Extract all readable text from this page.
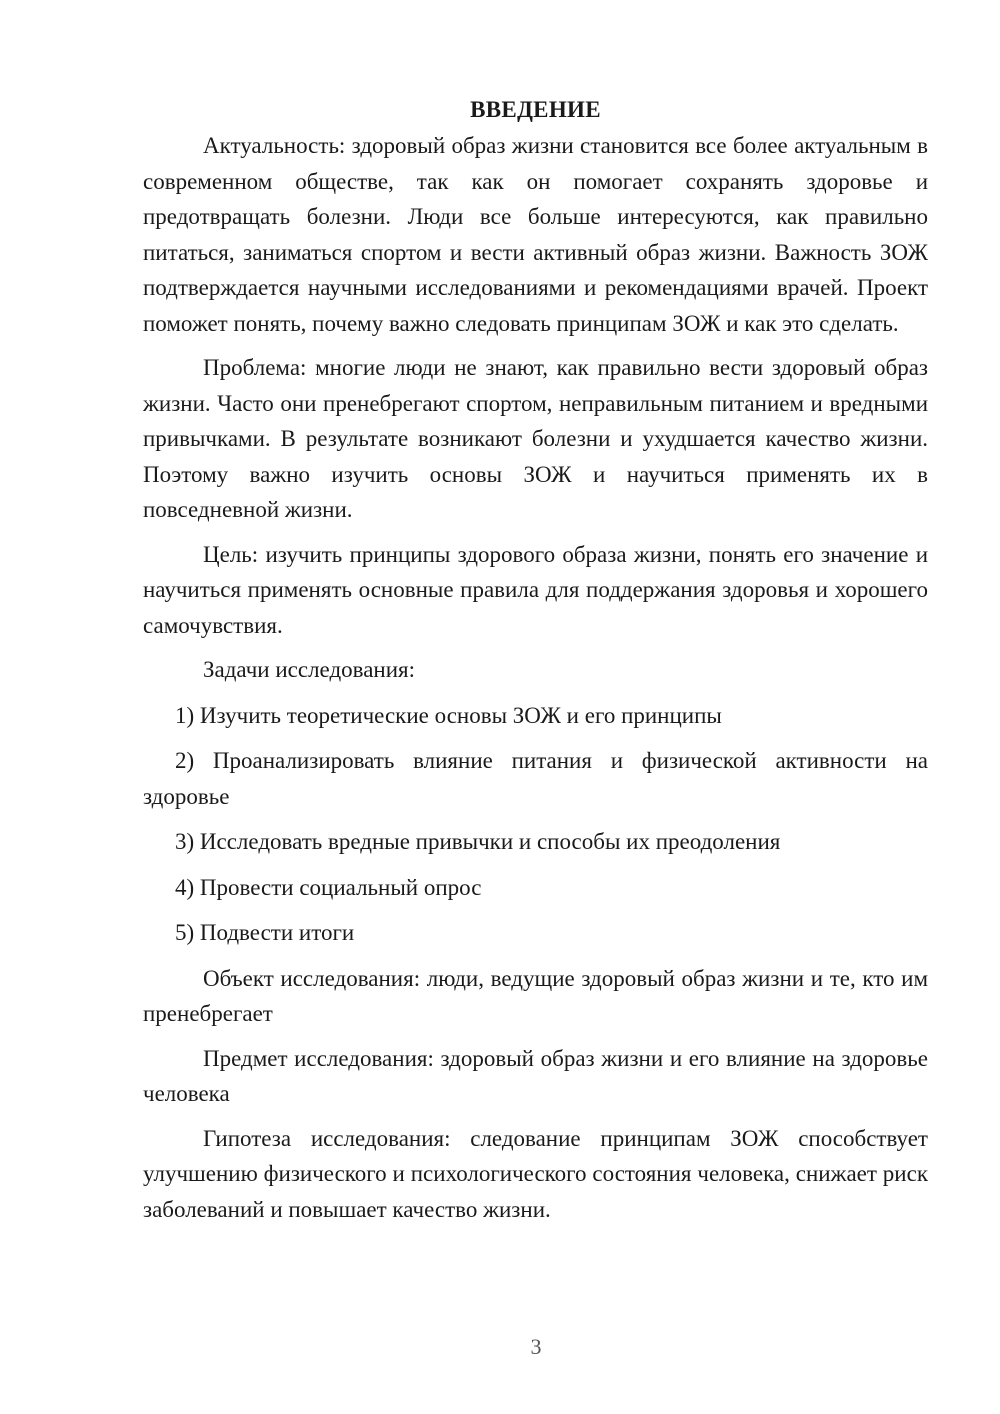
ВВЕДЕНИЕ

Актуальность: здоровый образ жизни становится все более актуальным в современном обществе, так как он помогает сохранять здоровье и предотвращать болезни. Люди все больше интересуются, как правильно питаться, заниматься спортом и вести активный образ жизни. Важность ЗОЖ подтверждается научными исследованиями и рекомендациями врачей. Проект поможет понять, почему важно следовать принципам ЗОЖ и как это сделать.

Проблема: многие люди не знают, как правильно вести здоровый образ жизни. Часто они пренебрегают спортом, неправильным питанием и вредными привычками. В результате возникают болезни и ухудшается качество жизни. Поэтому важно изучить основы ЗОЖ и научиться применять их в повседневной жизни.

Цель: изучить принципы здорового образа жизни, понять его значение и научиться применять основные правила для поддержания здоровья и хорошего самочувствия.

Задачи исследования:

1) Изучить теоретические основы ЗОЖ и его принципы

2) Проанализировать влияние питания и физической активности на здоровье

3) Исследовать вредные привычки и способы их преодоления

4) Провести социальный опрос

5) Подвести итоги

Объект исследования: люди, ведущие здоровый образ жизни и те, кто им пренебрегает

Предмет исследования: здоровый образ жизни и его влияние на здоровье человека

Гипотеза исследования: следование принципам ЗОЖ способствует улучшению физического и психологического состояния человека, снижает риск заболеваний и повышает качество жизни.

3
